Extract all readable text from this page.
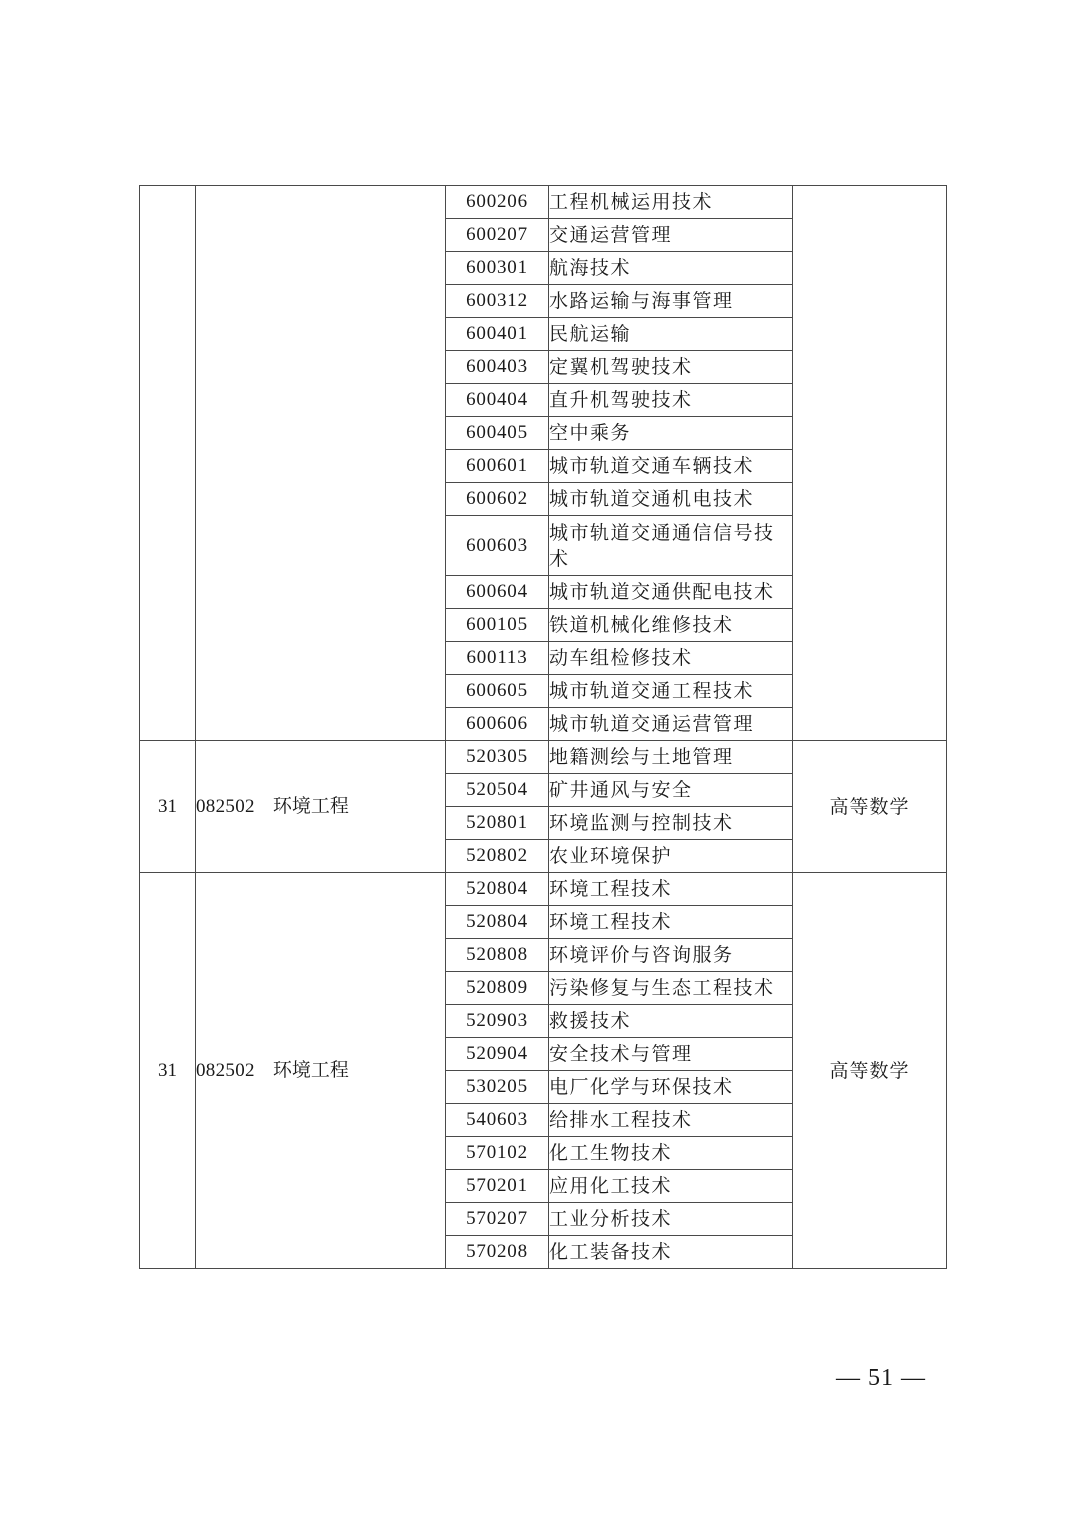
		600206	工程机械运用技术	
		600207	交通运营管理	
		600301	航海技术	
		600312	水路运输与海事管理	
		600401	民航运输	
		600403	定翼机驾驶技术	
		600404	直升机驾驶技术	
		600405	空中乘务	
		600601	城市轨道交通车辆技术	
		600602	城市轨道交通机电技术	
		600603	城市轨道交通通信信号技术	
		600604	城市轨道交通供配电技术	
		600105	铁道机械化维修技术	
		600113	动车组检修技术	
		600605	城市轨道交通工程技术	
		600606	城市轨道交通运营管理	
31	082502 环境工程	520305	地籍测绘与土地管理	高等数学
		520504	矿井通风与安全	
		520801	环境监测与控制技术	
		520802	农业环境保护	
31	082502 环境工程	520804	环境工程技术	高等数学
		520804	环境工程技术	
		520808	环境评价与咨询服务	
		520809	污染修复与生态工程技术	
		520903	救援技术	
		520904	安全技术与管理	
		530205	电厂化学与环保技术	
		540603	给排水工程技术	
		570102	化工生物技术	
		570201	应用化工技术	
		570207	工业分析技术	
		570208	化工装备技术	
— 51 —
